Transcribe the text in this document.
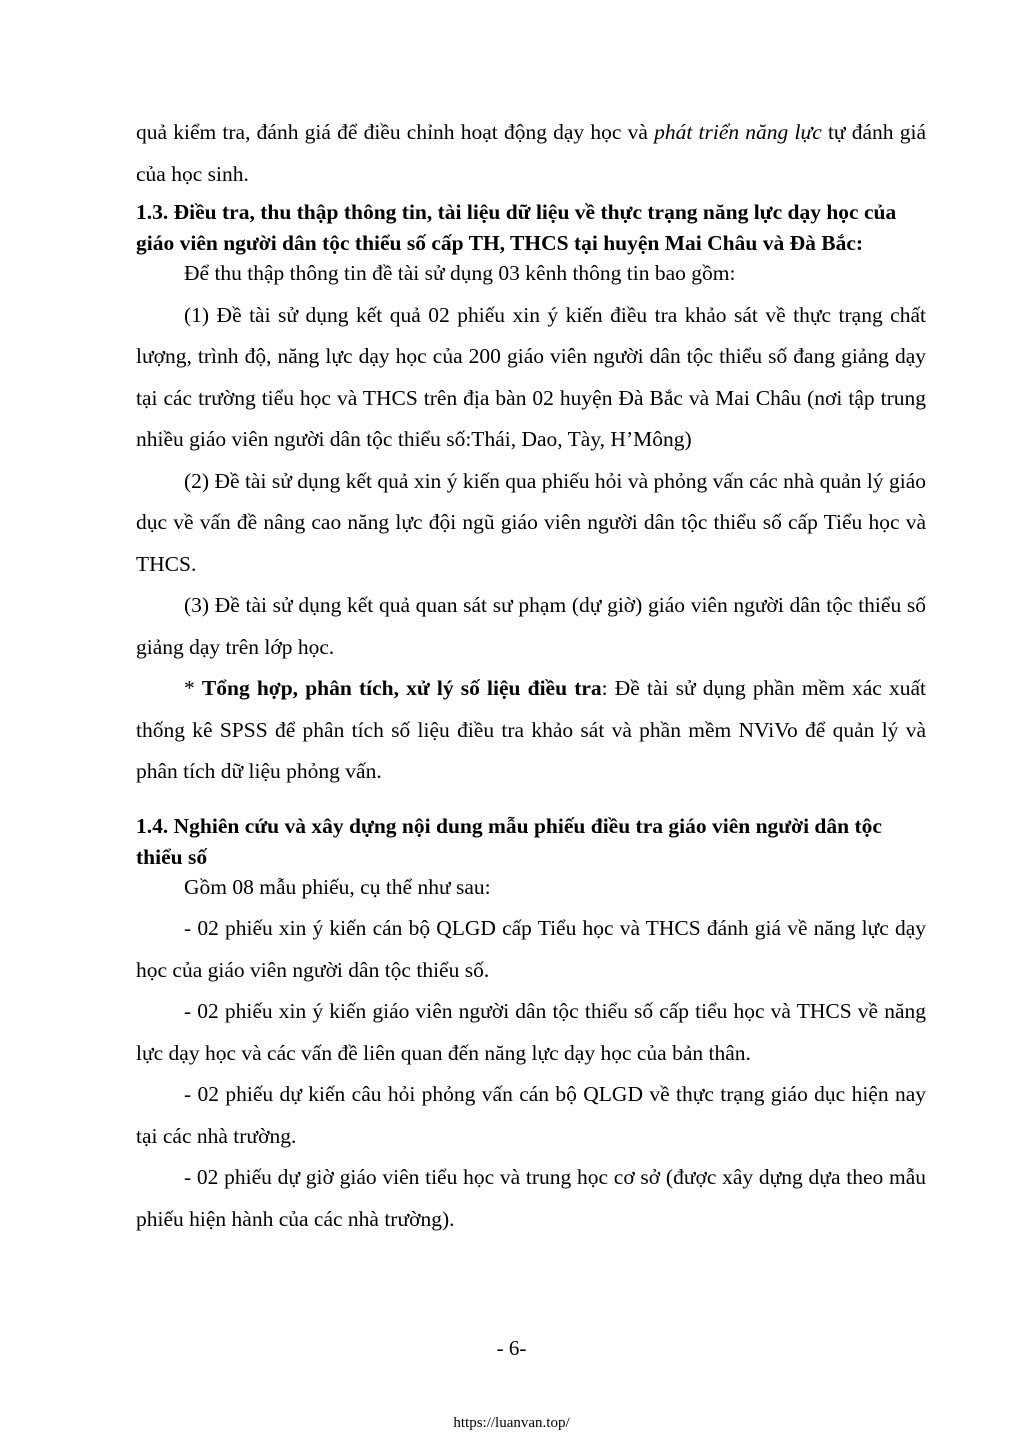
quả kiểm tra, đánh giá để điều chỉnh hoạt động dạy học và phát triển năng lực tự đánh giá của học sinh.

1.3. Điều tra, thu thập thông tin, tài liệu dữ liệu về thực trạng năng lực dạy học của giáo viên người dân tộc thiểu số cấp TH, THCS tại huyện Mai Châu và Đà Bắc:

Để thu thập thông tin đề tài sử dụng 03 kênh thông tin bao gồm:

(1) Đề tài sử dụng kết quả 02 phiếu xin ý kiến điều tra khảo sát về thực trạng chất lượng, trình độ, năng lực dạy học của 200 giáo viên người dân tộc thiểu số đang giảng dạy tại các trường tiểu học và THCS trên địa bàn 02 huyện Đà Bắc và Mai Châu (nơi tập trung nhiều giáo viên người dân tộc thiểu số:Thái, Dao, Tày, H’Mông)

(2) Đề tài sử dụng kết quả xin ý kiến qua phiếu hỏi và phỏng vấn các nhà quản lý giáo dục về vấn đề nâng cao năng lực đội ngũ giáo viên người dân tộc thiểu số cấp Tiểu học và THCS.

(3) Đề tài sử dụng kết quả quan sát sư phạm (dự giờ) giáo viên người dân tộc thiểu số giảng dạy trên lớp học.

* Tổng hợp, phân tích, xử lý số liệu điều tra: Đề tài sử dụng phần mềm xác xuất thống kê SPSS để phân tích số liệu điều tra khảo sát và phần mềm NViVo để quản lý và phân tích dữ liệu phỏng vấn.

1.4. Nghiên cứu và xây dựng nội dung mẫu phiếu điều tra giáo viên người dân tộc thiểu số

Gồm 08 mẫu phiếu, cụ thể như sau:

- 02 phiếu xin ý kiến cán bộ QLGD cấp Tiểu học và THCS đánh giá về năng lực dạy học của giáo viên người dân tộc thiểu số.

- 02 phiếu xin ý kiến giáo viên người dân tộc thiểu số cấp tiểu học và THCS về năng lực dạy học và các vấn đề liên quan đến năng lực dạy học của bản thân.

- 02 phiếu dự kiến câu hỏi phỏng vấn cán bộ QLGD về thực trạng giáo dục hiện nay tại các nhà trường.

- 02 phiếu dự giờ giáo viên tiểu học và trung học cơ sở (được xây dựng dựa theo mẫu phiếu hiện hành của các nhà trường).

- 6-
https://luanvan.top/
